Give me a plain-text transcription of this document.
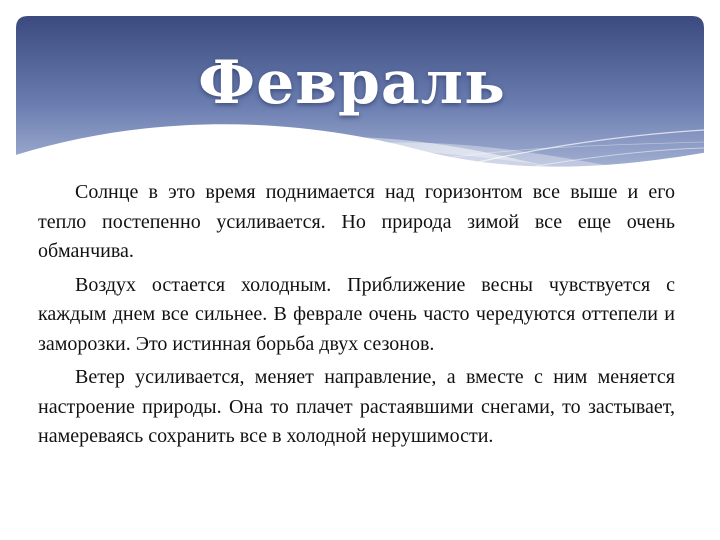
Февраль

Солнце в это время поднимается над горизонтом все выше и его тепло постепенно усиливается. Но природа зимой все еще очень обманчива.

Воздух остается холодным. Приближение весны чувствуется с каждым днем все сильнее. В феврале очень часто чередуются оттепели и заморозки. Это истинная борьба двух сезонов.

Ветер усиливается, меняет направление, а вместе с ним меняется настроение природы. Она то плачет растаявшими снегами, то застывает, намереваясь сохранить все в холодной нерушимости.
